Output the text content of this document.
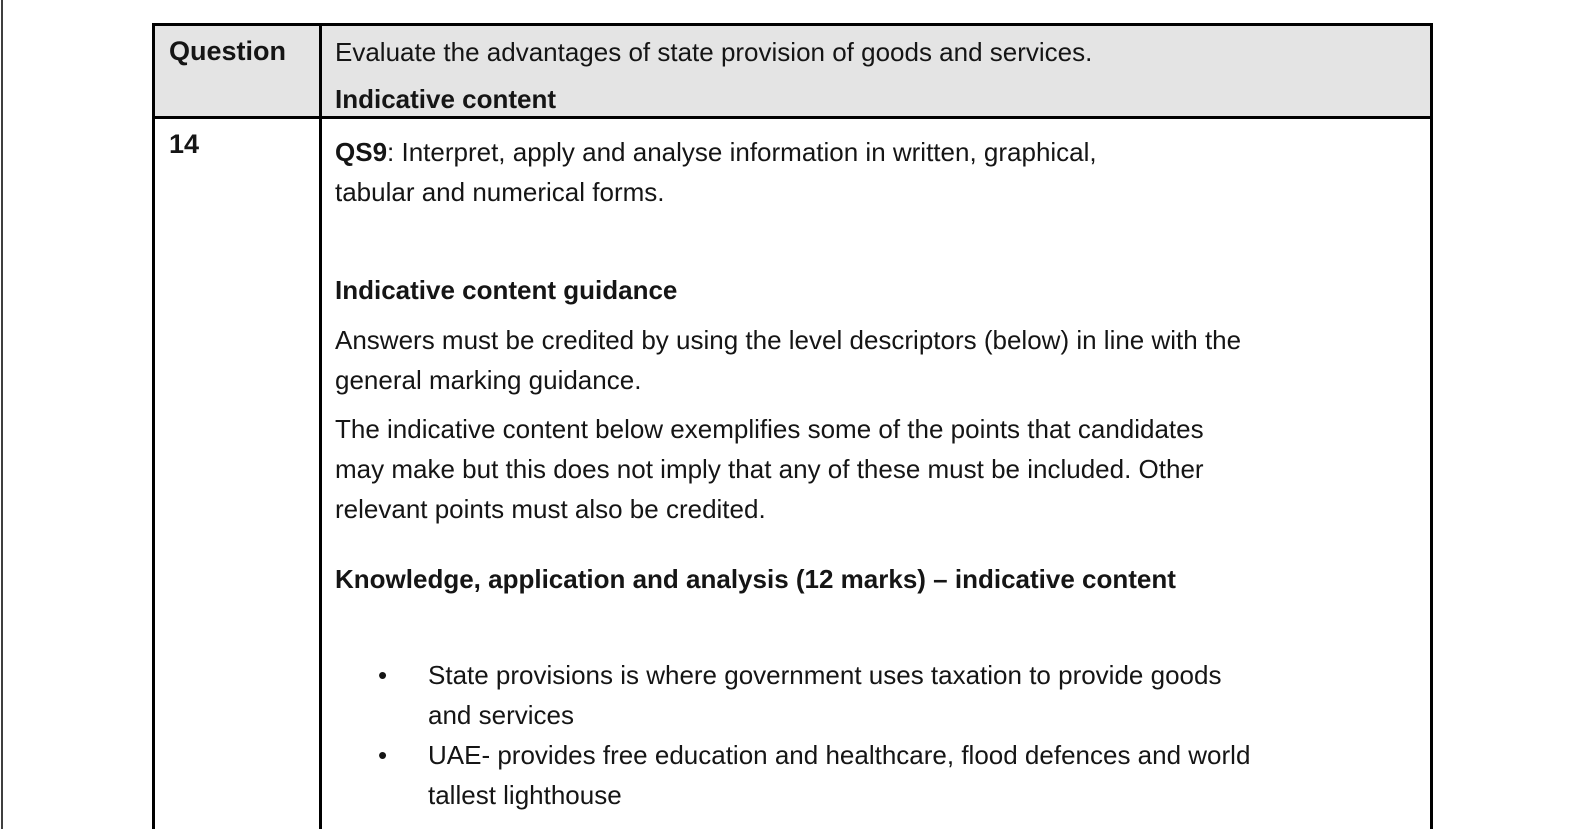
Question	Evaluate the advantages of state provision of goods and services.
Indicative content
14	QS9: Interpret, apply and analyse information in written, graphical,
tabular and numerical forms.
Indicative content guidance
Answers must be credited by using the level descriptors (below) in line with the
general marking guidance.
The indicative content below exemplifies some of the points that candidates
may make but this does not imply that any of these must be included. Other
relevant points must also be credited.
Knowledge, application and analysis (12 marks) – indicative content
•	State provisions is where government uses taxation to provide goods
and services
•	UAE- provides free education and healthcare, flood defences and world
tallest lighthouse
